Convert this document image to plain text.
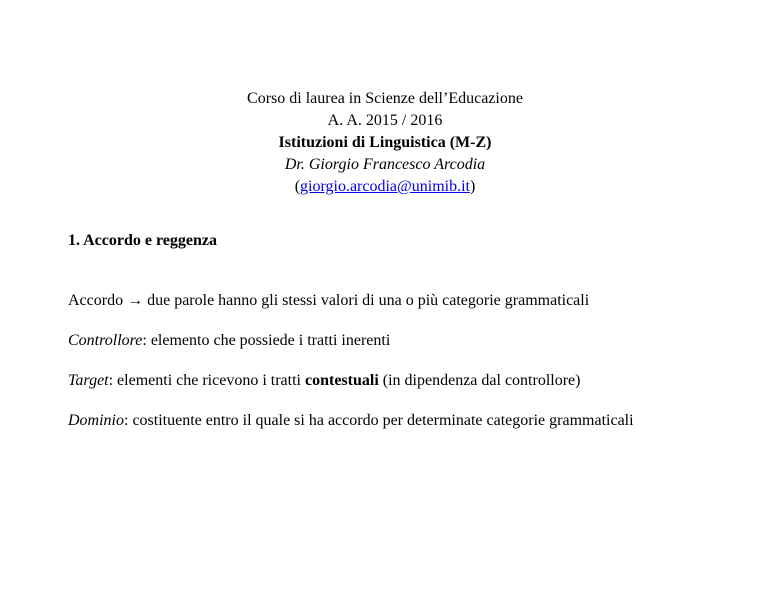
Corso di laurea in Scienze dell’Educazione
A. A. 2015 / 2016
Istituzioni di Linguistica (M-Z)
Dr. Giorgio Francesco Arcodia
(giorgio.arcodia@unimib.it)
1. Accordo e reggenza

Accordo → due parole hanno gli stessi valori di una o più categorie grammaticali

Controllore: elemento che possiede i tratti inerenti

Target: elementi che ricevono i tratti contestuali (in dipendenza dal controllore)

Dominio: costituente entro il quale si ha accordo per determinate categorie grammaticali
